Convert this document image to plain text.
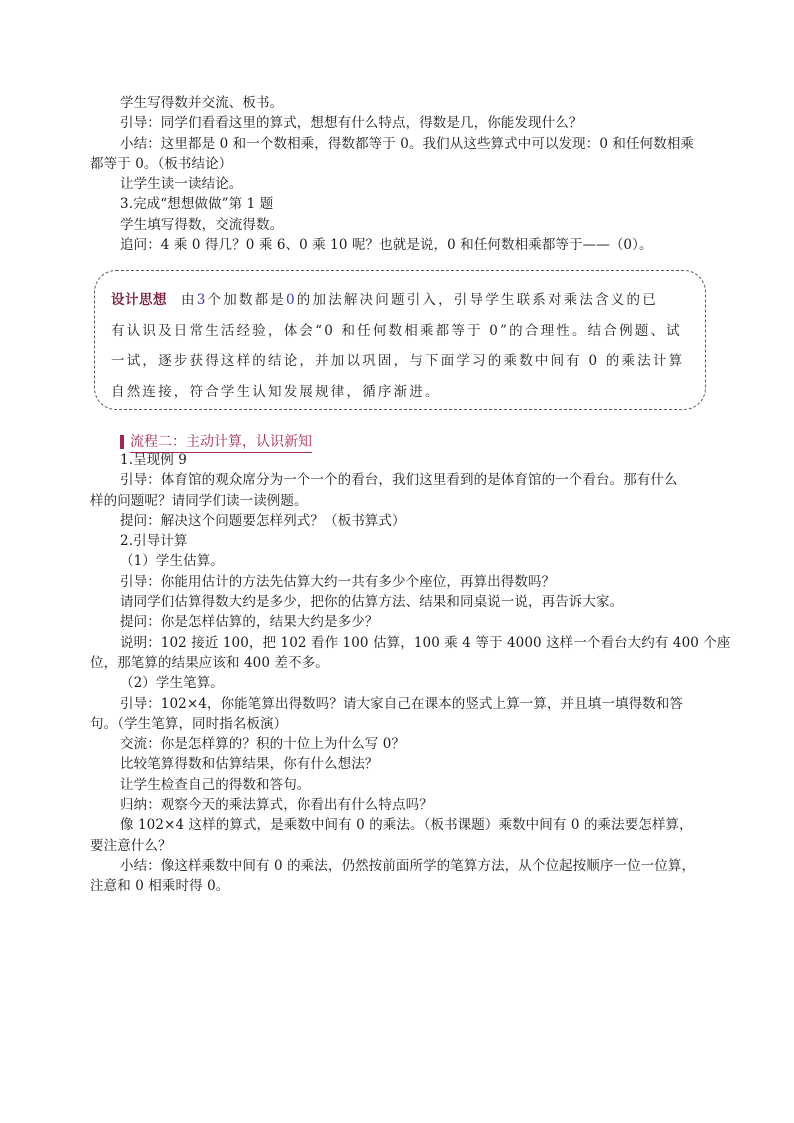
学生写得数并交流、板书。

引导：同学们看看这里的算式，想想有什么特点，得数是几，你能发现什么？

小结：这里都是 0 和一个数相乘，得数都等于 0。我们从这些算式中可以发现：0 和任何数相乘

都等于 0。（板书结论）

让学生读一读结论。

3.完成“想想做做”第 1 题

学生填写得数，交流得数。

追问：4 乘 0 得几？0 乘 6、0 乘 10 呢？也就是说，0 和任何数相乘都等于——（0）。

设计思想 由3个加数都是0的加法解决问题引入，引导学生联系对乘法含义的已

有认识及日常生活经验，体会“0 和任何数相乘都等于 0”的合理性。结合例题、试

一试，逐步获得这样的结论，并加以巩固，与下面学习的乘数中间有 0 的乘法计算

自然连接，符合学生认知发展规律，循序渐进。

流程二：主动计算，认识新知

1.呈现例 9

引导：体育馆的观众席分为一个一个的看台，我们这里看到的是体育馆的一个看台。那有什么

样的问题呢？请同学们读一读例题。

提问：解决这个问题要怎样列式？（板书算式）

2.引导计算

（1）学生估算。

引导：你能用估计的方法先估算大约一共有多少个座位，再算出得数吗？

请同学们估算得数大约是多少，把你的估算方法、结果和同桌说一说，再告诉大家。

提问：你是怎样估算的，结果大约是多少？

说明：102 接近 100，把 102 看作 100 估算，100 乘 4 等于 4000 这样一个看台大约有 400 个座

位，那笔算的结果应该和 400 差不多。

（2）学生笔算。

引导：102×4，你能笔算出得数吗？请大家自己在课本的竖式上算一算，并且填一填得数和答

句。（学生笔算，同时指名板演）

交流：你是怎样算的？积的十位上为什么写 0？

比较笔算得数和估算结果，你有什么想法？

让学生检查自己的得数和答句。

归纳：观察今天的乘法算式，你看出有什么特点吗？

像 102×4 这样的算式，是乘数中间有 0 的乘法。（板书课题）乘数中间有 0 的乘法要怎样算，

要注意什么？

小结：像这样乘数中间有 0 的乘法，仍然按前面所学的笔算方法，从个位起按顺序一位一位算，

注意和 0 相乘时得 0。
